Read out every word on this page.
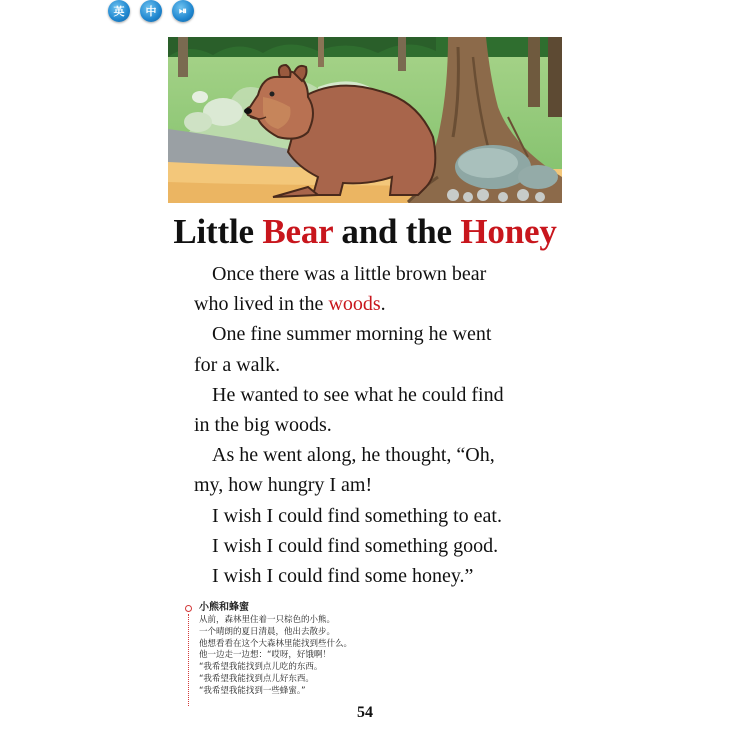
英 中 ⏯
Little Bear and the Honey
Once there was a little brown bear
who lived in the woods.
One fine summer morning he went
for a walk.
He wanted to see what he could find
in the big woods.
As he went along, he thought, “Oh,
my, how hungry I am!
I wish I could find something to eat.
I wish I could find something good.
I wish I could find some honey.”
小熊和蜂蜜
从前，森林里住着一只棕色的小熊。
一个晴朗的夏日清晨，他出去散步。
他想看看在这个大森林里能找到些什么。
他一边走一边想：“哎呀，好饿啊！
“我希望我能找到点儿吃的东西。
“我希望我能找到点儿好东西。
“我希望我能找到一些蜂蜜。”
54
